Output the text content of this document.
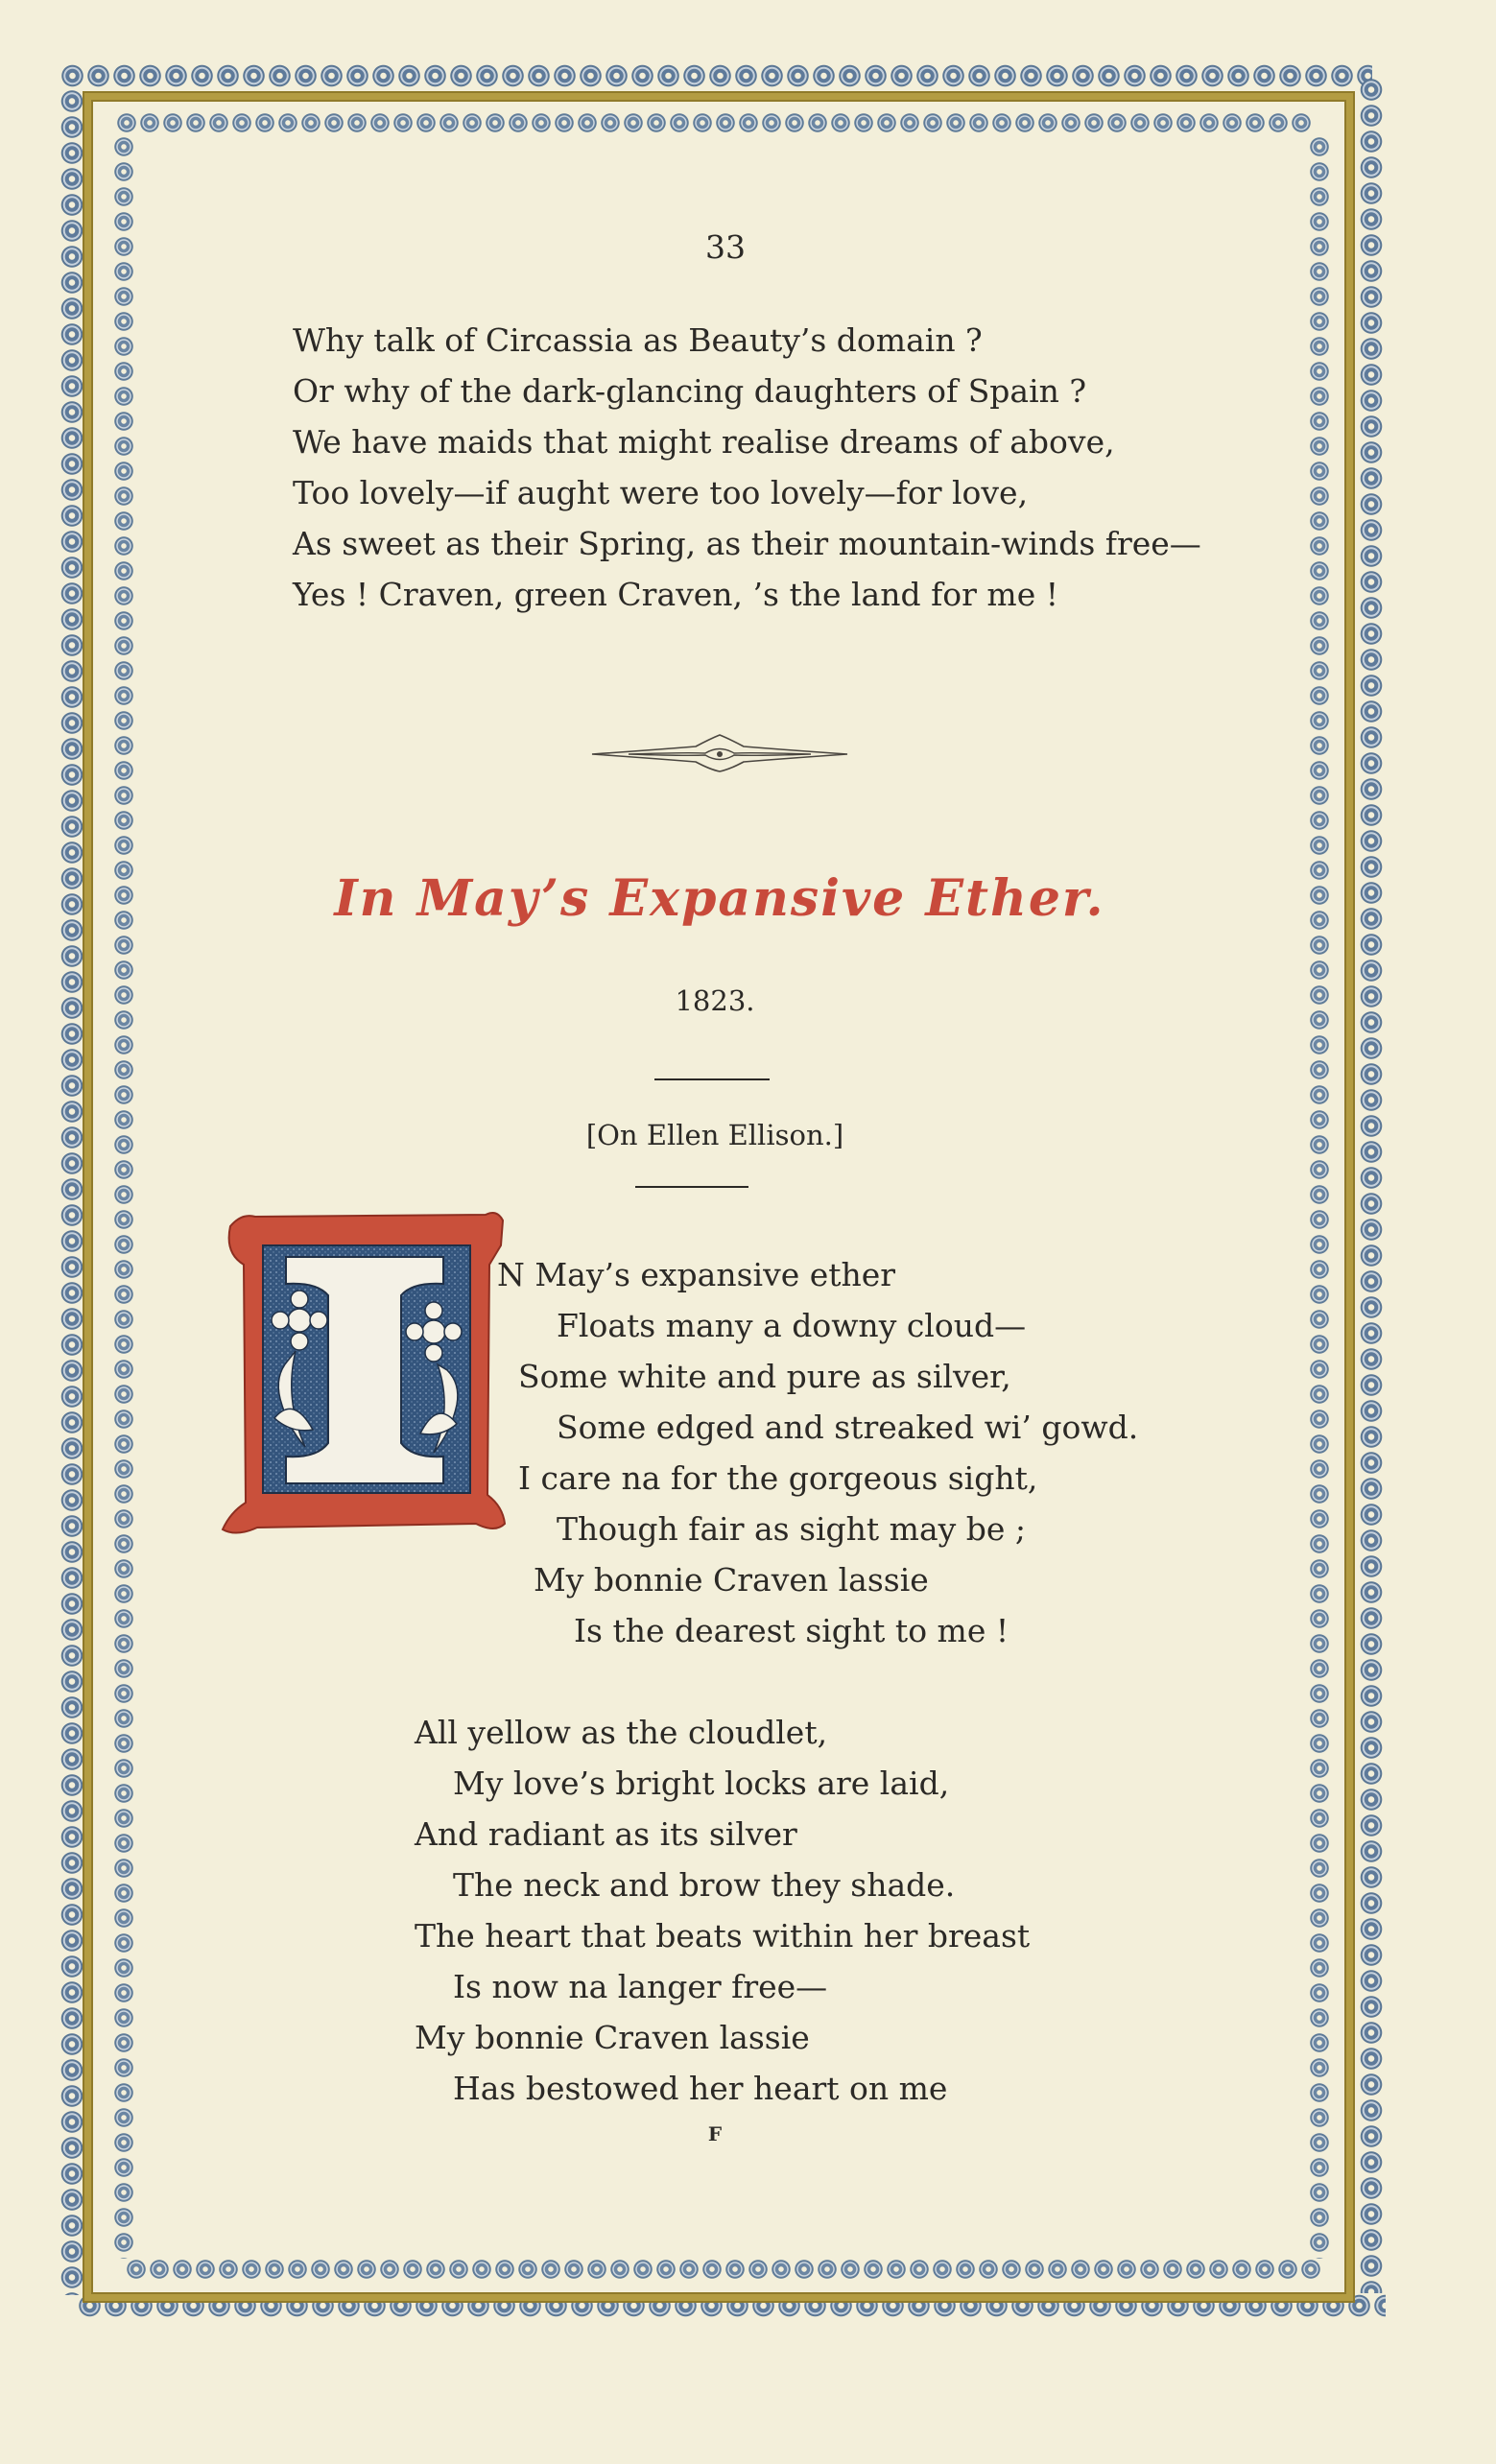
33
Why talk of Circassia as Beauty’s domain ?
Or why of the dark-glancing daughters of Spain ?
We have maids that might realise dreams of above,
Too lovely—if aught were too lovely—for love,
As sweet as their Spring, as their mountain-winds free—
Yes ! Craven, green Craven, ’s the land for me !
In May’s Expansive Ether.
1823.
[On Ellen Ellison.]
N May’s expansive ether
Floats many a downy cloud—
Some white and pure as silver,
Some edged and streaked wi’ gowd.
I care na for the gorgeous sight,
Though fair as sight may be ;
My bonnie Craven lassie
Is the dearest sight to me !
All yellow as the cloudlet,
My love’s bright locks are laid,
And radiant as its silver
The neck and brow they shade.
The heart that beats within her breast
Is now na langer free—
My bonnie Craven lassie
Has bestowed her heart on me
F
